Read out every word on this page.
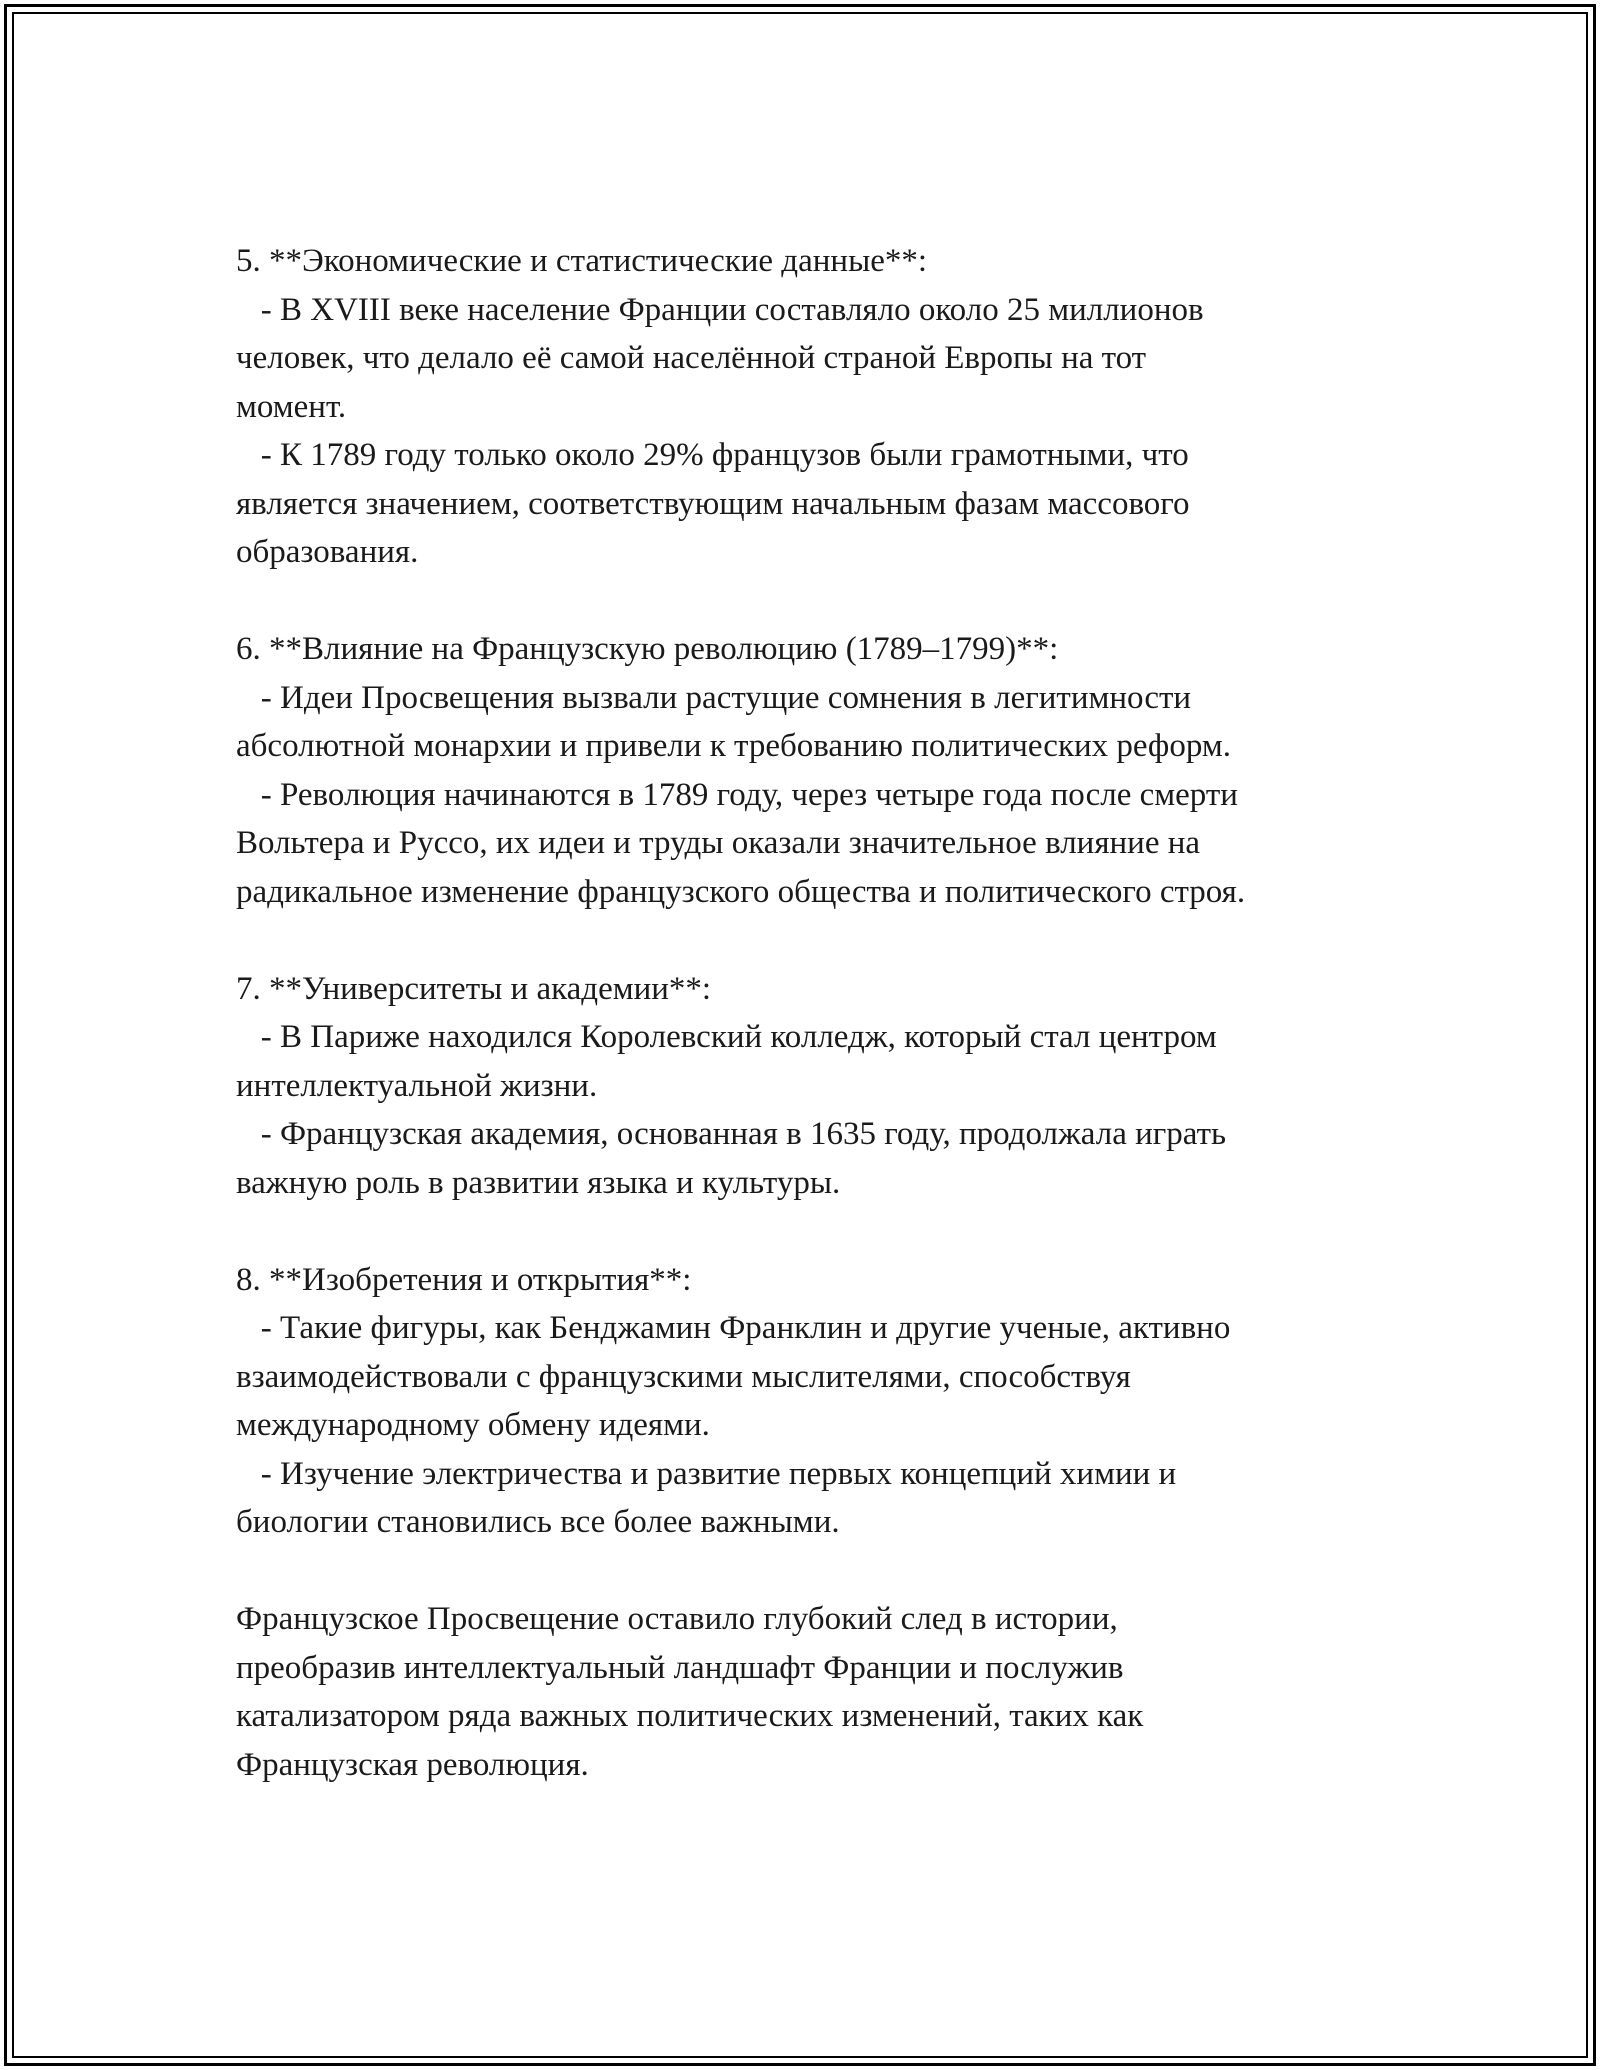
5. **Экономические и статистические данные**:
- В XVIII веке население Франции составляло около 25 миллионов
человек, что делало её самой населённой страной Европы на тот
момент.
- К 1789 году только около 29% французов были грамотными, что
является значением, соответствующим начальным фазам массового
образования.
6. **Влияние на Французскую революцию (1789–1799)**:
- Идеи Просвещения вызвали растущие сомнения в легитимности
абсолютной монархии и привели к требованию политических реформ.
- Революция начинаются в 1789 году, через четыре года после смерти
Вольтера и Руссо, их идеи и труды оказали значительное влияние на
радикальное изменение французского общества и политического строя.
7. **Университеты и академии**:
- В Париже находился Королевский колледж, который стал центром
интеллектуальной жизни.
- Французская академия, основанная в 1635 году, продолжала играть
важную роль в развитии языка и культуры.
8. **Изобретения и открытия**:
- Такие фигуры, как Бенджамин Франклин и другие ученые, активно
взаимодействовали с французскими мыслителями, способствуя
международному обмену идеями.
- Изучение электричества и развитие первых концепций химии и
биологии становились все более важными.
Французское Просвещение оставило глубокий след в истории,
преобразив интеллектуальный ландшафт Франции и послужив
катализатором ряда важных политических изменений, таких как
Французская революция.
